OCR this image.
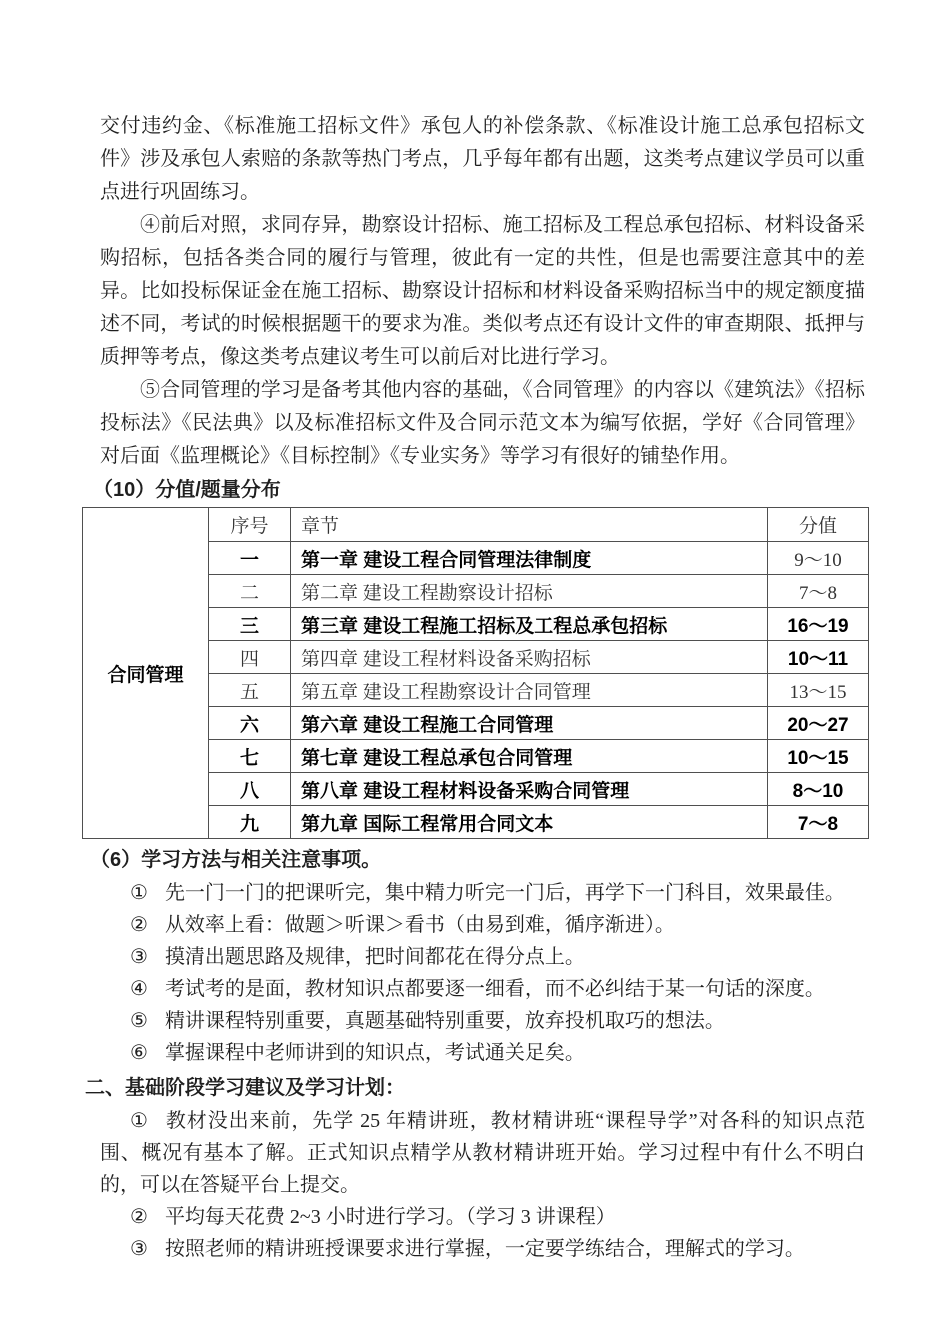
交付违约金、《标准施工招标文件》承包人的补偿条款、《标准设计施工总承包招标文件》涉及承包人索赔的条款等热门考点，几乎每年都有出题，这类考点建议学员可以重点进行巩固练习。

④前后对照，求同存异，勘察设计招标、施工招标及工程总承包招标、材料设备采购招标，包括各类合同的履行与管理，彼此有一定的共性，但是也需要注意其中的差异。比如投标保证金在施工招标、勘察设计招标和材料设备采购招标当中的规定额度描述不同，考试的时候根据题干的要求为准。类似考点还有设计文件的审查期限、抵押与质押等考点，像这类考点建议考生可以前后对比进行学习。

⑤合同管理的学习是备考其他内容的基础，《合同管理》的内容以《建筑法》《招标投标法》《民法典》以及标准招标文件及合同示范文本为编写依据，学好《合同管理》对后面《监理概论》《目标控制》《专业实务》等学习有很好的铺垫作用。

（10）分值/题量分布
合同管理	序号	章节	分值
	一	第一章 建设工程合同管理法律制度	9～10
	二	第二章 建设工程勘察设计招标	7～8
	三	第三章 建设工程施工招标及工程总承包招标	16～19
	四	第四章 建设工程材料设备采购招标	10～11
	五	第五章 建设工程勘察设计合同管理	13～15
	六	第六章 建设工程施工合同管理	20～27
	七	第七章 建设工程总承包合同管理	10～15
	八	第八章 建设工程材料设备采购合同管理	8～10
	九	第九章 国际工程常用合同文本	7～8
（6）学习方法与相关注意事项。

① 先一门一门的把课听完，集中精力听完一门后，再学下一门科目，效果最佳。

② 从效率上看：做题＞听课＞看书（由易到难，循序渐进）。

③ 摸清出题思路及规律，把时间都花在得分点上。

④ 考试考的是面，教材知识点都要逐一细看，而不必纠结于某一句话的深度。

⑤ 精讲课程特别重要，真题基础特别重要，放弃投机取巧的想法。

⑥ 掌握课程中老师讲到的知识点，考试通关足矣。

二、基础阶段学习建议及学习计划：

① 教材没出来前，先学 25 年精讲班，教材精讲班“课程导学”对各科的知识点范围、概况有基本了解。正式知识点精学从教材精讲班开始。学习过程中有什么不明白的，可以在答疑平台上提交。

② 平均每天花费 2~3 小时进行学习。（学习 3 讲课程）

③ 按照老师的精讲班授课要求进行掌握，一定要学练结合，理解式的学习。
